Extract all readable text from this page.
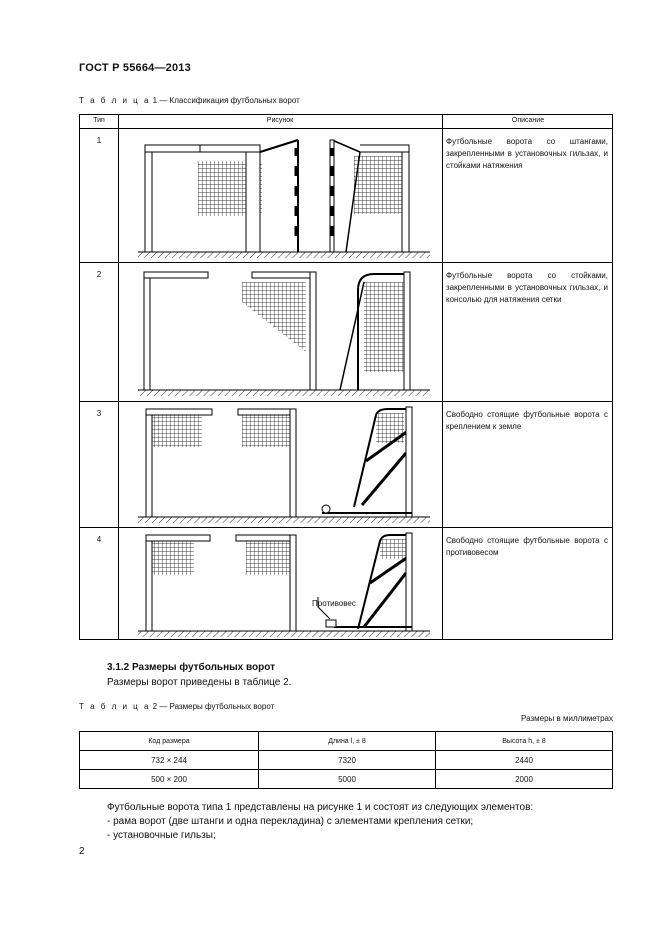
ГОСТ Р 55664—2013
Т а б л и ц а 1 — Классификация футбольных ворот
Тип	Рисунок	Описание
1	Футбольные ворота со штангами, закрепленными в установочных гильзах, и стойками натяжения
2	Футбольные ворота со стойками, закрепленными в установочных гильзах, и консолью для натяжения сетки
3	Свободно стоящие футбольные ворота с креплением к земле
4	Свободно стоящие футбольные ворота с противовесом
Противовес
3.1.2 Размеры футбольных ворот
Размеры ворот приведены в таблице 2.
Т а б л и ц а 2 — Размеры футбольных ворот
Размеры в миллиметрах
Код размера	Длина l, ± 8	Высота h, ± 8
732 × 244	7320	2440
500 × 200	5000	2000
Футбольные ворота типа 1 представлены на рисунке 1 и состоят из следующих элементов:
- рама ворот (две штанги и одна перекладина) с элементами крепления сетки;
- установочные гильзы;
2
